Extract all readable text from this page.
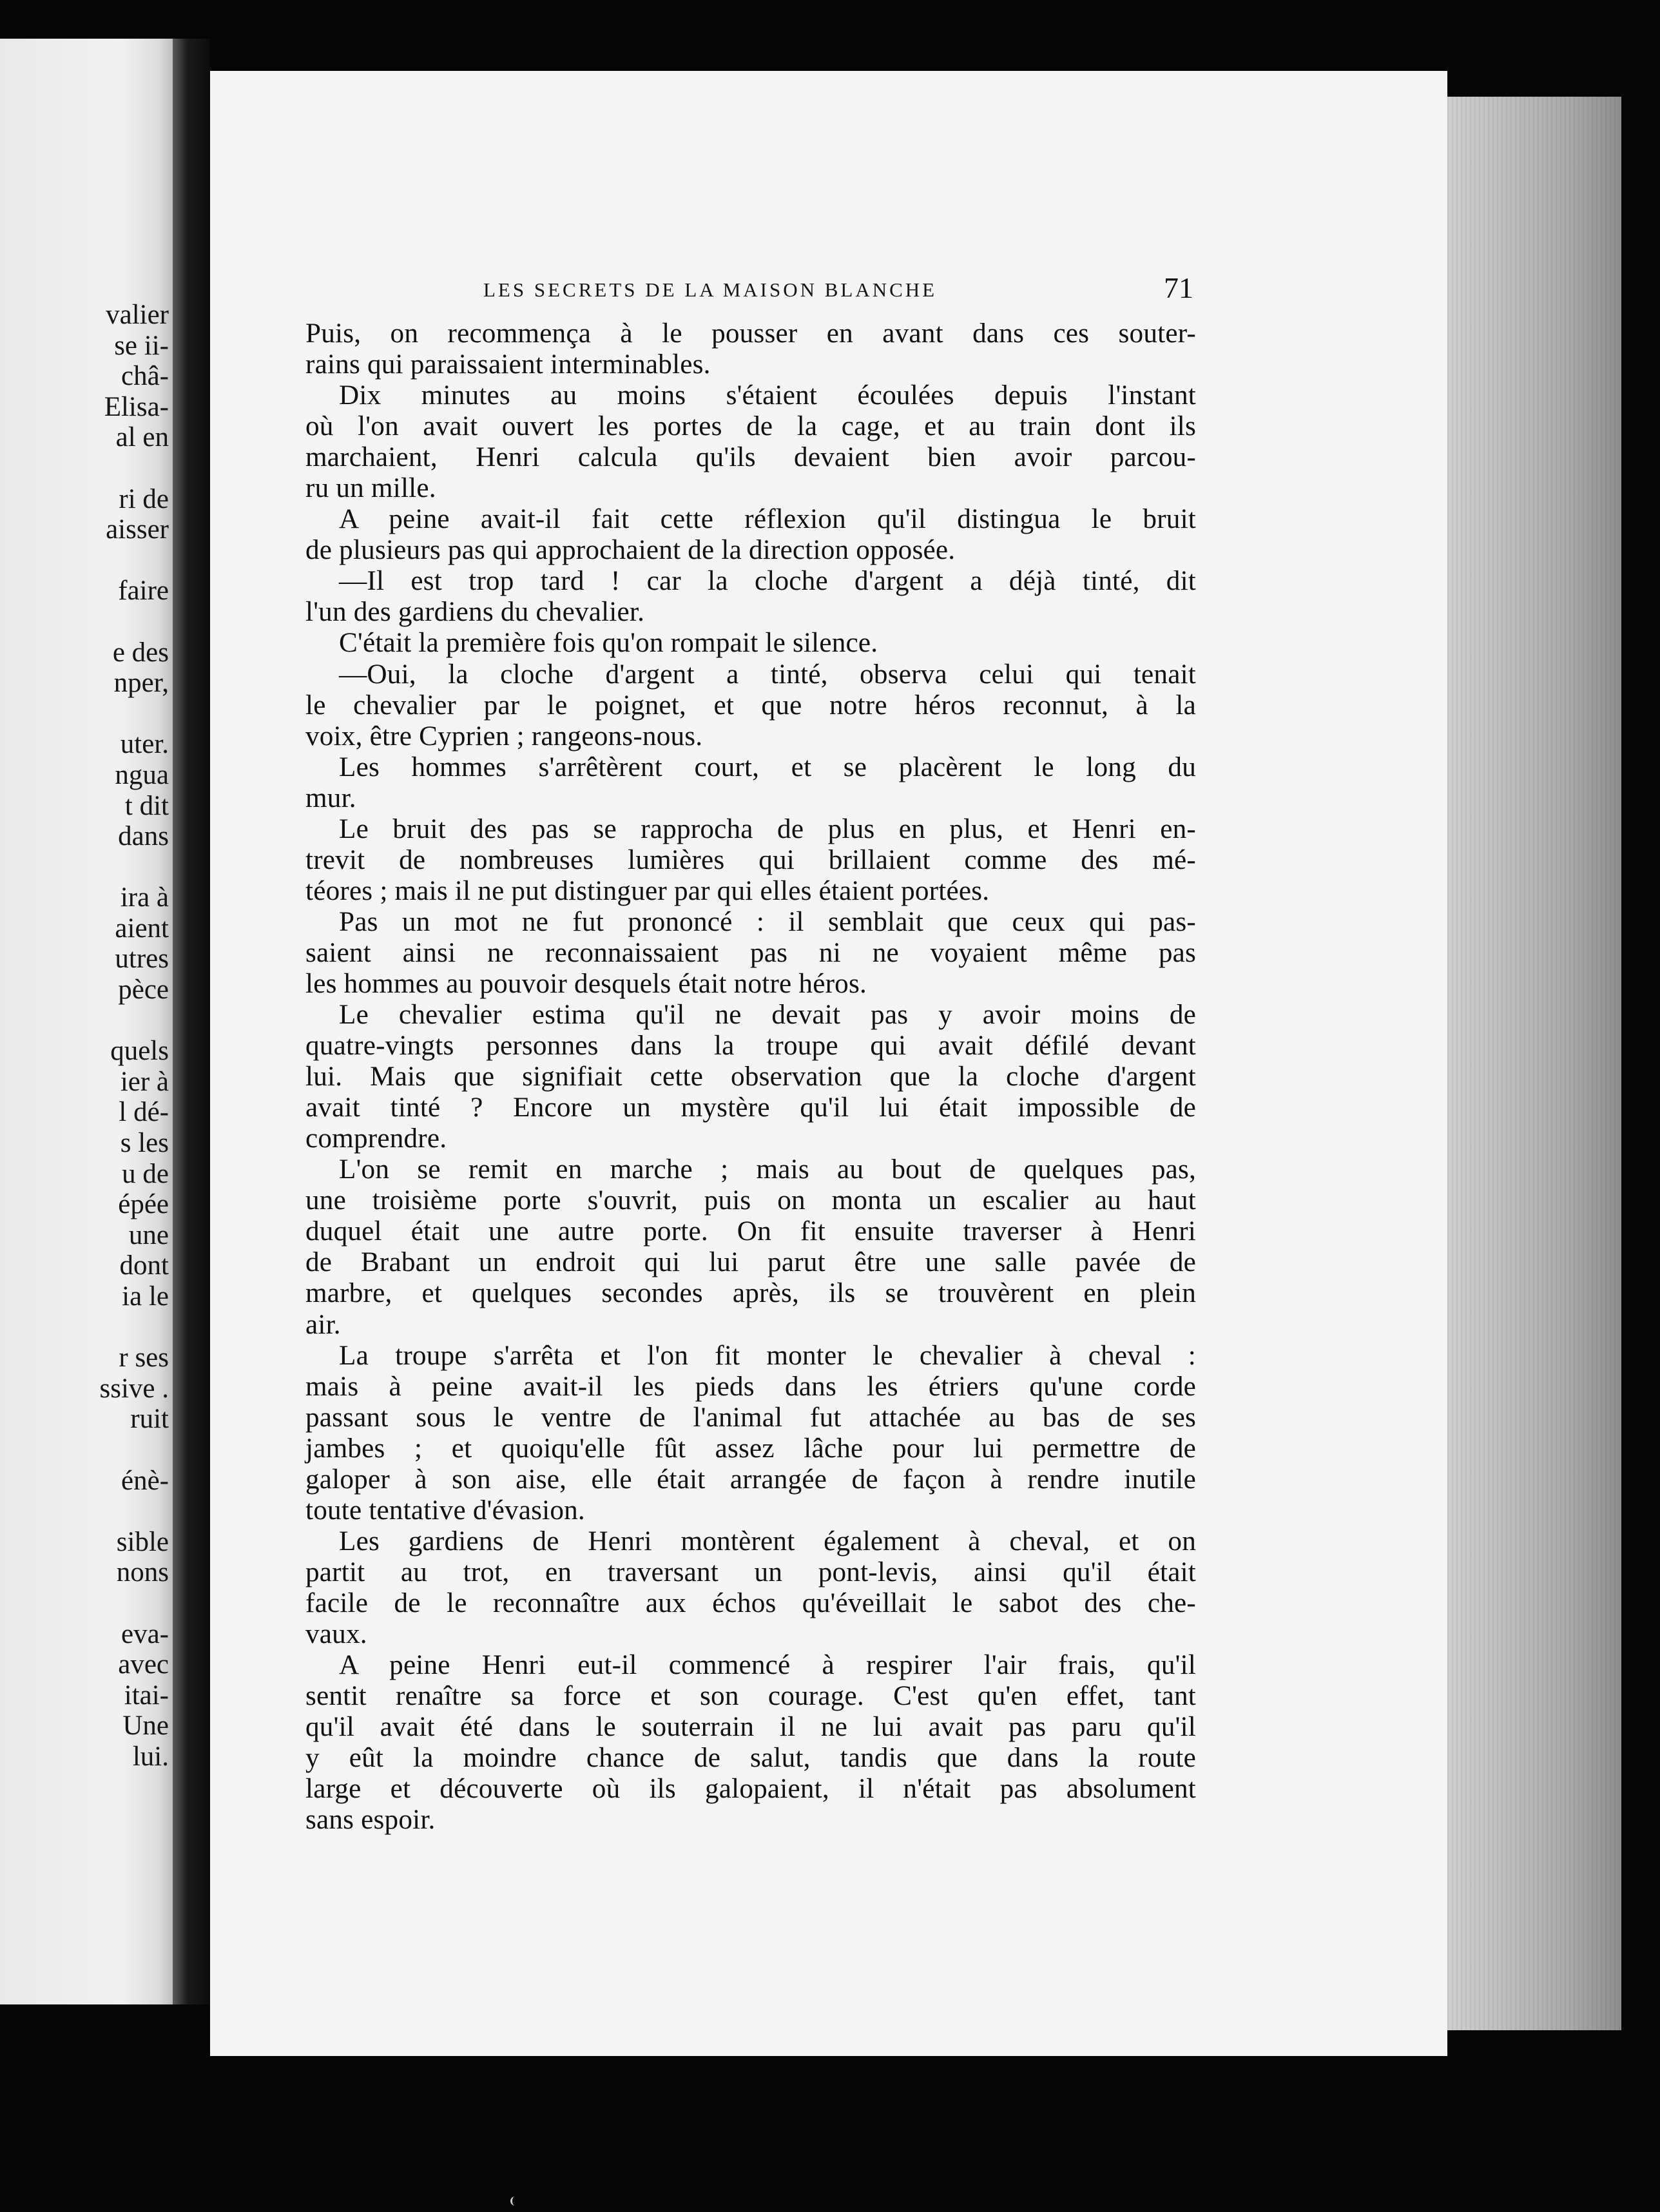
valier
se ii-
châ-
Elisa-
al en
ri de
aisser
faire
e des
nper,
uter.
ngua
t dit
dans
ira à
aient
utres
pèce
quels
ier à
l dé-
s les
u de
épée
une
dont
ia le
r ses
ssive .
ruit
énè-
sible
nons
eva-
avec
itai-
Une
lui.
LES SECRETS DE LA MAISON BLANCHE	71
Puis, on recommença à le pousser en avant dans ces souter-
rains qui paraissaient interminables.
Dix minutes au moins s'étaient écoulées depuis l'instant
où l'on avait ouvert les portes de la cage, et au train dont ils
marchaient, Henri calcula qu'ils devaient bien avoir parcou-
ru un mille.
A peine avait-il fait cette réflexion qu'il distingua le bruit
de plusieurs pas qui approchaient de la direction opposée.
—Il est trop tard ! car la cloche d'argent a déjà tinté, dit
l'un des gardiens du chevalier.
C'était la première fois qu'on rompait le silence.
—Oui, la cloche d'argent a tinté, observa celui qui tenait
le chevalier par le poignet, et que notre héros reconnut, à la
voix, être Cyprien ; rangeons-nous.
Les hommes s'arrêtèrent court, et se placèrent le long du
mur.
Le bruit des pas se rapprocha de plus en plus, et Henri en-
trevit de nombreuses lumières qui brillaient comme des mé-
téores ; mais il ne put distinguer par qui elles étaient portées.
Pas un mot ne fut prononcé : il semblait que ceux qui pas-
saient ainsi ne reconnaissaient pas ni ne voyaient même pas
les hommes au pouvoir desquels était notre héros.
Le chevalier estima qu'il ne devait pas y avoir moins de
quatre-vingts personnes dans la troupe qui avait défilé devant
lui. Mais que signifiait cette observation que la cloche d'argent
avait tinté ? Encore un mystère qu'il lui était impossible de
comprendre.
L'on se remit en marche ; mais au bout de quelques pas,
une troisième porte s'ouvrit, puis on monta un escalier au haut
duquel était une autre porte. On fit ensuite traverser à Henri
de Brabant un endroit qui lui parut être une salle pavée de
marbre, et quelques secondes après, ils se trouvèrent en plein
air.
La troupe s'arrêta et l'on fit monter le chevalier à cheval :
mais à peine avait-il les pieds dans les étriers qu'une corde
passant sous le ventre de l'animal fut attachée au bas de ses
jambes ; et quoiqu'elle fût assez lâche pour lui permettre de
galoper à son aise, elle était arrangée de façon à rendre inutile
toute tentative d'évasion.
Les gardiens de Henri montèrent également à cheval, et on
partit au trot, en traversant un pont-levis, ainsi qu'il était
facile de le reconnaître aux échos qu'éveillait le sabot des che-
vaux.
A peine Henri eut-il commencé à respirer l'air frais, qu'il
sentit renaître sa force et son courage. C'est qu'en effet, tant
qu'il avait été dans le souterrain il ne lui avait pas paru qu'il
y eût la moindre chance de salut, tandis que dans la route
large et découverte où ils galopaient, il n'était pas absolument
sans espoir.
